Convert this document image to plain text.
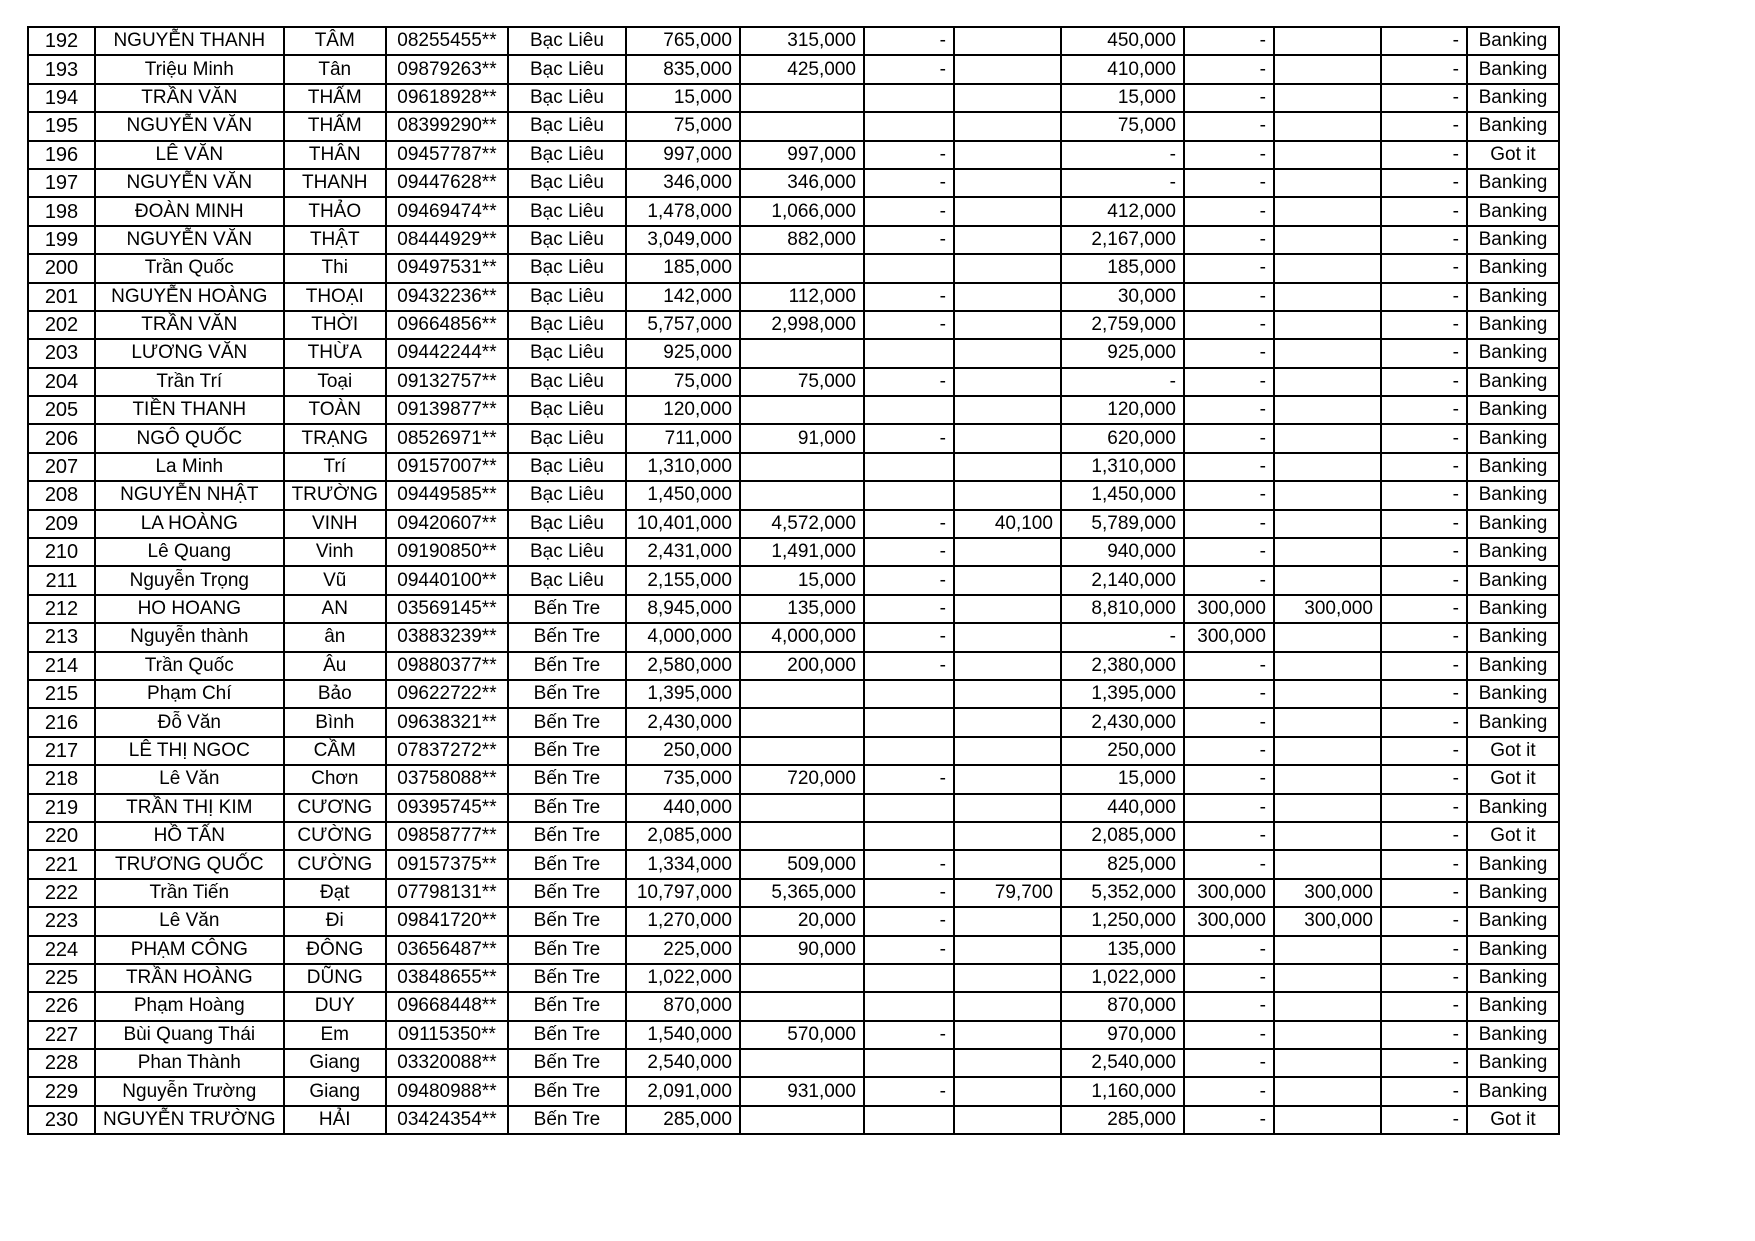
192	NGUYỄN THANH	TÂM	08255455**	Bạc Liêu	765,000	315,000	-		450,000	-		-	Banking
193	Triệu Minh	Tân	09879263**	Bạc Liêu	835,000	425,000	-		410,000	-		-	Banking
194	TRẦN VĂN	THẤM	09618928**	Bạc Liêu	15,000				15,000	-		-	Banking
195	NGUYỄN VĂN	THẤM	08399290**	Bạc Liêu	75,000				75,000	-		-	Banking
196	LÊ VĂN	THÂN	09457787**	Bạc Liêu	997,000	997,000	-		-	-		-	Got it
197	NGUYỄN VĂN	THANH	09447628**	Bạc Liêu	346,000	346,000	-		-	-		-	Banking
198	ĐOÀN MINH	THẢO	09469474**	Bạc Liêu	1,478,000	1,066,000	-		412,000	-		-	Banking
199	NGUYỄN VĂN	THẬT	08444929**	Bạc Liêu	3,049,000	882,000	-		2,167,000	-		-	Banking
200	Trần Quốc	Thi	09497531**	Bạc Liêu	185,000				185,000	-		-	Banking
201	NGUYỄN HOÀNG	THOẠI	09432236**	Bạc Liêu	142,000	112,000	-		30,000	-		-	Banking
202	TRẦN VĂN	THỜI	09664856**	Bạc Liêu	5,757,000	2,998,000	-		2,759,000	-		-	Banking
203	LƯƠNG VĂN	THỪA	09442244**	Bạc Liêu	925,000				925,000	-		-	Banking
204	Trần Trí	Toại	09132757**	Bạc Liêu	75,000	75,000	-		-	-		-	Banking
205	TIỀN THANH	TOÀN	09139877**	Bạc Liêu	120,000				120,000	-		-	Banking
206	NGÔ QUỐC	TRẠNG	08526971**	Bạc Liêu	711,000	91,000	-		620,000	-		-	Banking
207	La Minh	Trí	09157007**	Bạc Liêu	1,310,000				1,310,000	-		-	Banking
208	NGUYỄN NHẬT	TRƯỜNG	09449585**	Bạc Liêu	1,450,000				1,450,000	-		-	Banking
209	LA HOÀNG	VINH	09420607**	Bạc Liêu	10,401,000	4,572,000	-	40,100	5,789,000	-		-	Banking
210	Lê Quang	Vinh	09190850**	Bạc Liêu	2,431,000	1,491,000	-		940,000	-		-	Banking
211	Nguyễn Trọng	Vũ	09440100**	Bạc Liêu	2,155,000	15,000	-		2,140,000	-		-	Banking
212	HO HOANG	AN	03569145**	Bến Tre	8,945,000	135,000	-		8,810,000	300,000	300,000	-	Banking
213	Nguyễn thành	ân	03883239**	Bến Tre	4,000,000	4,000,000	-		-	300,000		-	Banking
214	Trần Quốc	Âu	09880377**	Bến Tre	2,580,000	200,000	-		2,380,000	-		-	Banking
215	Phạm Chí	Bảo	09622722**	Bến Tre	1,395,000				1,395,000	-		-	Banking
216	Đỗ Văn	Bình	09638321**	Bến Tre	2,430,000				2,430,000	-		-	Banking
217	LÊ THỊ NGOC	CẦM	07837272**	Bến Tre	250,000				250,000	-		-	Got it
218	Lê Văn	Chơn	03758088**	Bến Tre	735,000	720,000	-		15,000	-		-	Got it
219	TRẦN THỊ KIM	CƯƠNG	09395745**	Bến Tre	440,000				440,000	-		-	Banking
220	HỒ TẤN	CƯỜNG	09858777**	Bến Tre	2,085,000				2,085,000	-		-	Got it
221	TRƯƠNG QUỐC	CƯỜNG	09157375**	Bến Tre	1,334,000	509,000	-		825,000	-		-	Banking
222	Trần Tiến	Đạt	07798131**	Bến Tre	10,797,000	5,365,000	-	79,700	5,352,000	300,000	300,000	-	Banking
223	Lê Văn	Đi	09841720**	Bến Tre	1,270,000	20,000	-		1,250,000	300,000	300,000	-	Banking
224	PHẠM CÔNG	ĐÔNG	03656487**	Bến Tre	225,000	90,000	-		135,000	-		-	Banking
225	TRẦN HOÀNG	DŨNG	03848655**	Bến Tre	1,022,000				1,022,000	-		-	Banking
226	Phạm Hoàng	DUY	09668448**	Bến Tre	870,000				870,000	-		-	Banking
227	Bùi Quang Thái	Em	09115350**	Bến Tre	1,540,000	570,000	-		970,000	-		-	Banking
228	Phan Thành	Giang	03320088**	Bến Tre	2,540,000				2,540,000	-		-	Banking
229	Nguyễn Trường	Giang	09480988**	Bến Tre	2,091,000	931,000	-		1,160,000	-		-	Banking
230	NGUYỄN TRƯỜNG	HẢI	03424354**	Bến Tre	285,000				285,000	-		-	Got it
